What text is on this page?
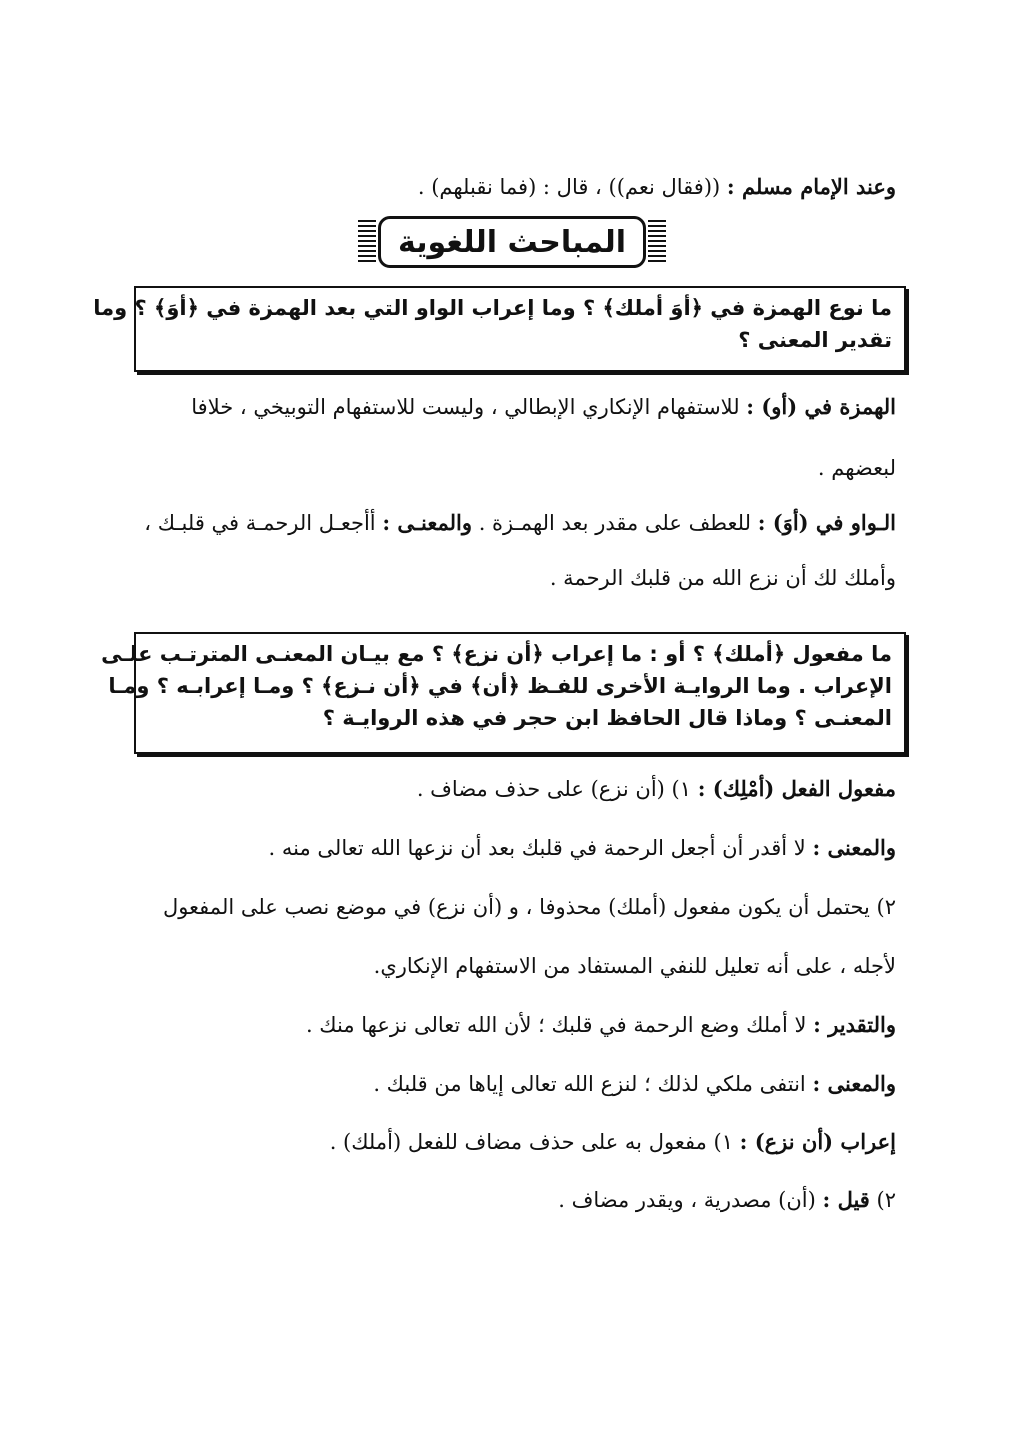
وعند الإمام مسلم : ((فقال نعم)) ، قال : (فما نقبلهم) .
المباحث اللغوية
ما نوع الهمزة في ﴿أوَ أملك﴾ ؟ وما إعراب الواو التي بعد الهمزة في ﴿أوَ﴾ ؟ وما
تقدير المعنى ؟
الهمزة في (أو) : للاستفهام الإنكاري الإبطالي ، وليست للاستفهام التوبيخي ، خلافا
لبعضهم .
الـواو في (أوَ) : للعطف على مقدر بعد الهمـزة . والمعنـى : أأجعـل الرحمـة في قلبـك ،
وأملك لك أن نزع الله من قلبك الرحمة .
ما مفعول ﴿أملك﴾ ؟ أو : ما إعراب ﴿أن نزع﴾ ؟ مع بيـان المعنـى المترتـب علـى
الإعراب . وما الروايـة الأخرى للفـظ ﴿أن﴾ في ﴿أن نـزع﴾ ؟ ومـا إعرابـه ؟ ومـا
المعنـى ؟ وماذا قال الحافظ ابن حجر في هذه الروايـة ؟
مفعول الفعل (أمْلِك) : ١) (أن نزع) على حذف مضاف .
والمعنى : لا أقدر أن أجعل الرحمة في قلبك بعد أن نزعها الله تعالى منه .
٢) يحتمل أن يكون مفعول (أملك) محذوفا ، و (أن نزع) في موضع نصب على المفعول
لأجله ، على أنه تعليل للنفي المستفاد من الاستفهام الإنكاري.
والتقدير : لا أملك وضع الرحمة في قلبك ؛ لأن الله تعالى نزعها منك .
والمعنى : انتفى ملكي لذلك ؛ لنزع الله تعالى إياها من قلبك .
إعراب (أن نزع) : ١) مفعول به على حذف مضاف للفعل (أملك) .
٢) قيل : (أن) مصدرية ، ويقدر مضاف .
